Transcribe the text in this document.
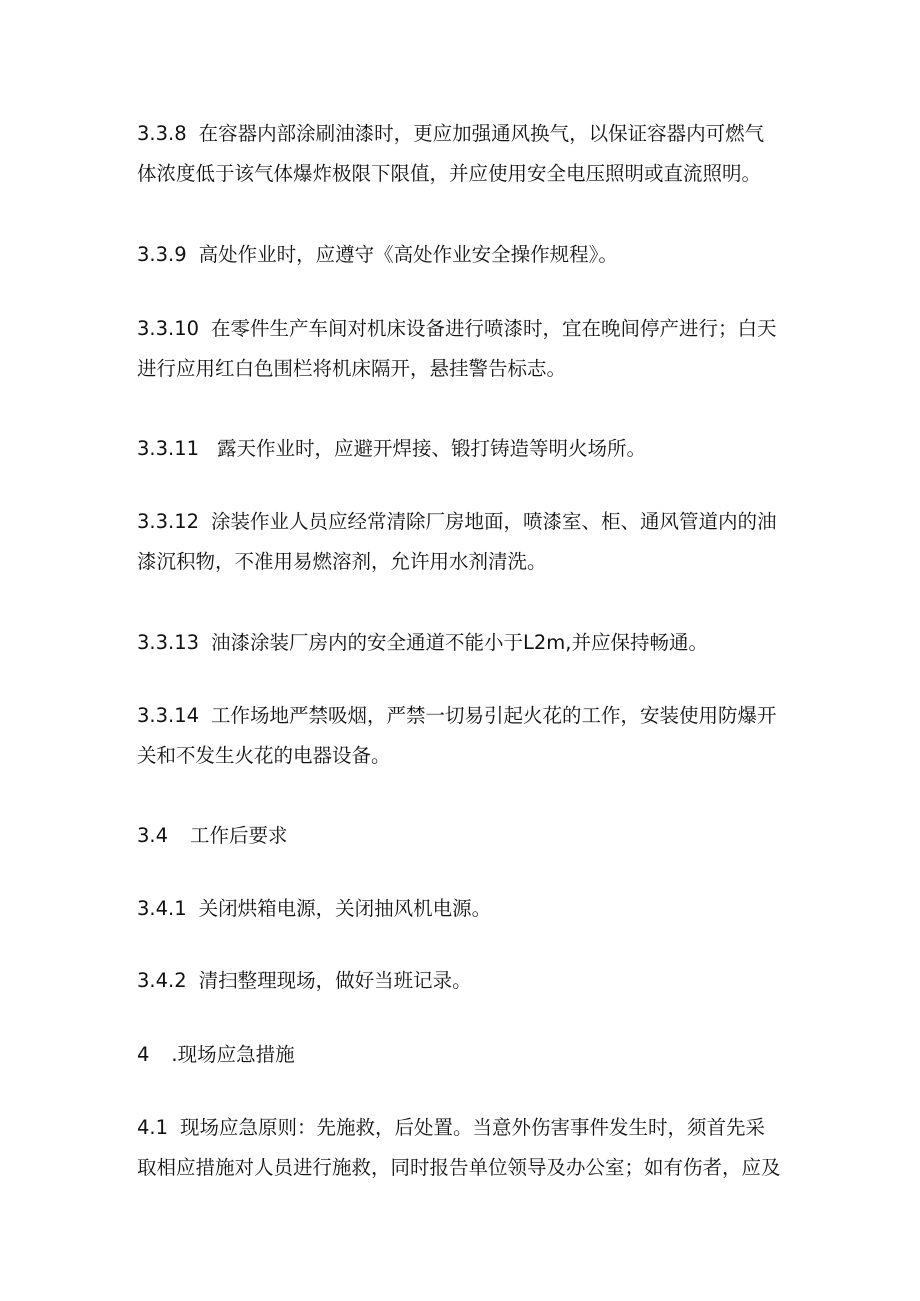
3.3.8 在容器内部涂刷油漆时，更应加强通风换气，以保证容器内可燃气
体浓度低于该气体爆炸极限下限值，并应使用安全电压照明或直流照明。
3.3.9 高处作业时，应遵守《高处作业安全操作规程》。
3.3.10 在零件生产车间对机床设备进行喷漆时，宜在晚间停产进行；白天
进行应用红白色围栏将机床隔开，悬挂警告标志。
3.3.11 露天作业时，应避开焊接、锻打铸造等明火场所。
3.3.12 涂装作业人员应经常清除厂房地面，喷漆室、柜、通风管道内的油
漆沉积物，不准用易燃溶剂，允许用水剂清洗。
3.3.13 油漆涂装厂房内的安全通道不能小于L2m,并应保持畅通。
3.3.14 工作场地严禁吸烟，严禁一切易引起火花的工作，安装使用防爆开
关和不发生火花的电器设备。
3.4 工作后要求
3.4.1 关闭烘箱电源，关闭抽风机电源。
3.4.2 清扫整理现场，做好当班记录。
4 .现场应急措施
4.1 现场应急原则：先施救，后处置。当意外伤害事件发生时，须首先采
取相应措施对人员进行施救，同时报告单位领导及办公室；如有伤者，应及
